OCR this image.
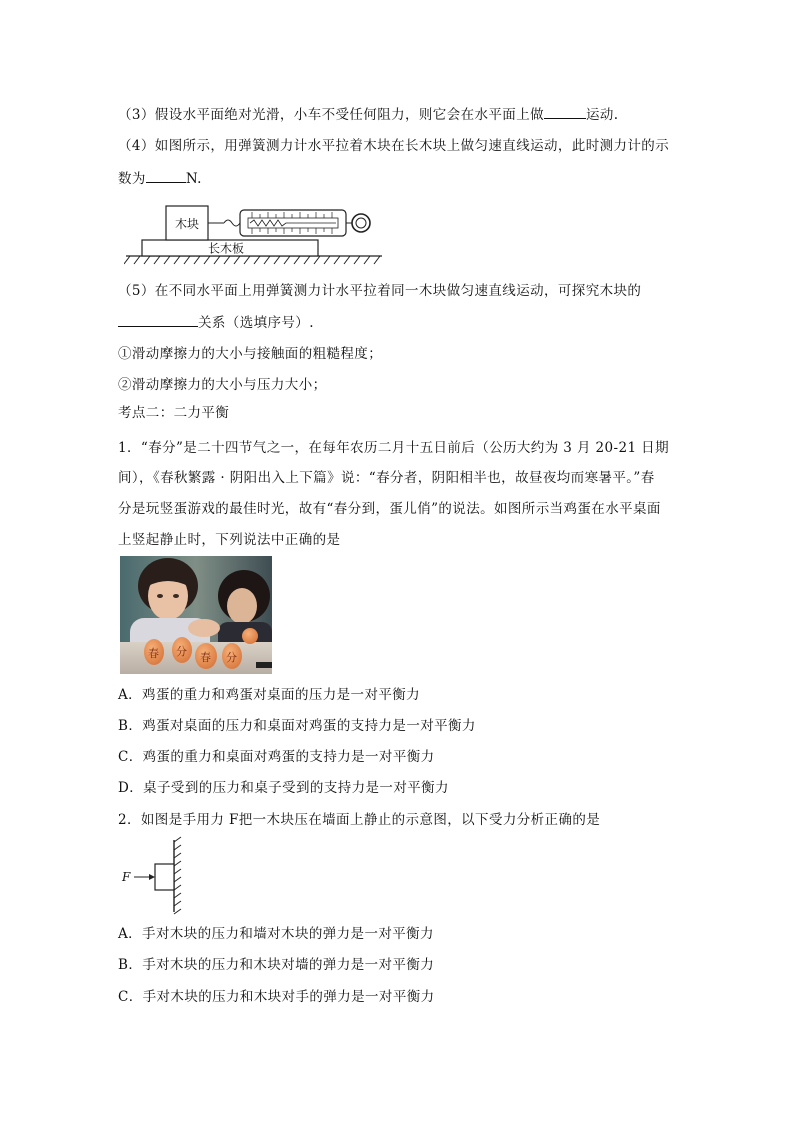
（3）假设水平面绝对光滑，小车不受任何阻力，则它会在水平面上做	运动.
（4）如图所示，用弹簧测力计水平拉着木块在长木块上做匀速直线运动，此时测力计的示
数为	N.
长木板
木块
（5）在不同水平面上用弹簧测力计水平拉着同一木块做匀速直线运动，可探究木块的
关系（选填序号）.
①滑动摩擦力的大小与接触面的粗糙程度；
②滑动摩擦力的大小与压力大小；
考点二：二力平衡
1．“春分”是二十四节气之一，在每年农历二月十五日前后（公历大约为 3 月 20-21 日期
间），《春秋繁露 · 阴阳出入上下篇》说：“春分者，阴阳相半也，故昼夜均而寒暑平。”春
分是玩竖蛋游戏的最佳时光，故有“春分到，蛋儿俏”的说法。如图所示当鸡蛋在水平桌面
上竖起静止时，下列说法中正确的是
春 分 春 分
A．鸡蛋的重力和鸡蛋对桌面的压力是一对平衡力
B．鸡蛋对桌面的压力和桌面对鸡蛋的支持力是一对平衡力
C．鸡蛋的重力和桌面对鸡蛋的支持力是一对平衡力
D．桌子受到的压力和桌子受到的支持力是一对平衡力
2．如图是手用力 F把一木块压在墙面上静止的示意图，以下受力分析正确的是
F
A．手对木块的压力和墙对木块的弹力是一对平衡力
B．手对木块的压力和木块对墙的弹力是一对平衡力
C．手对木块的压力和木块对手的弹力是一对平衡力
